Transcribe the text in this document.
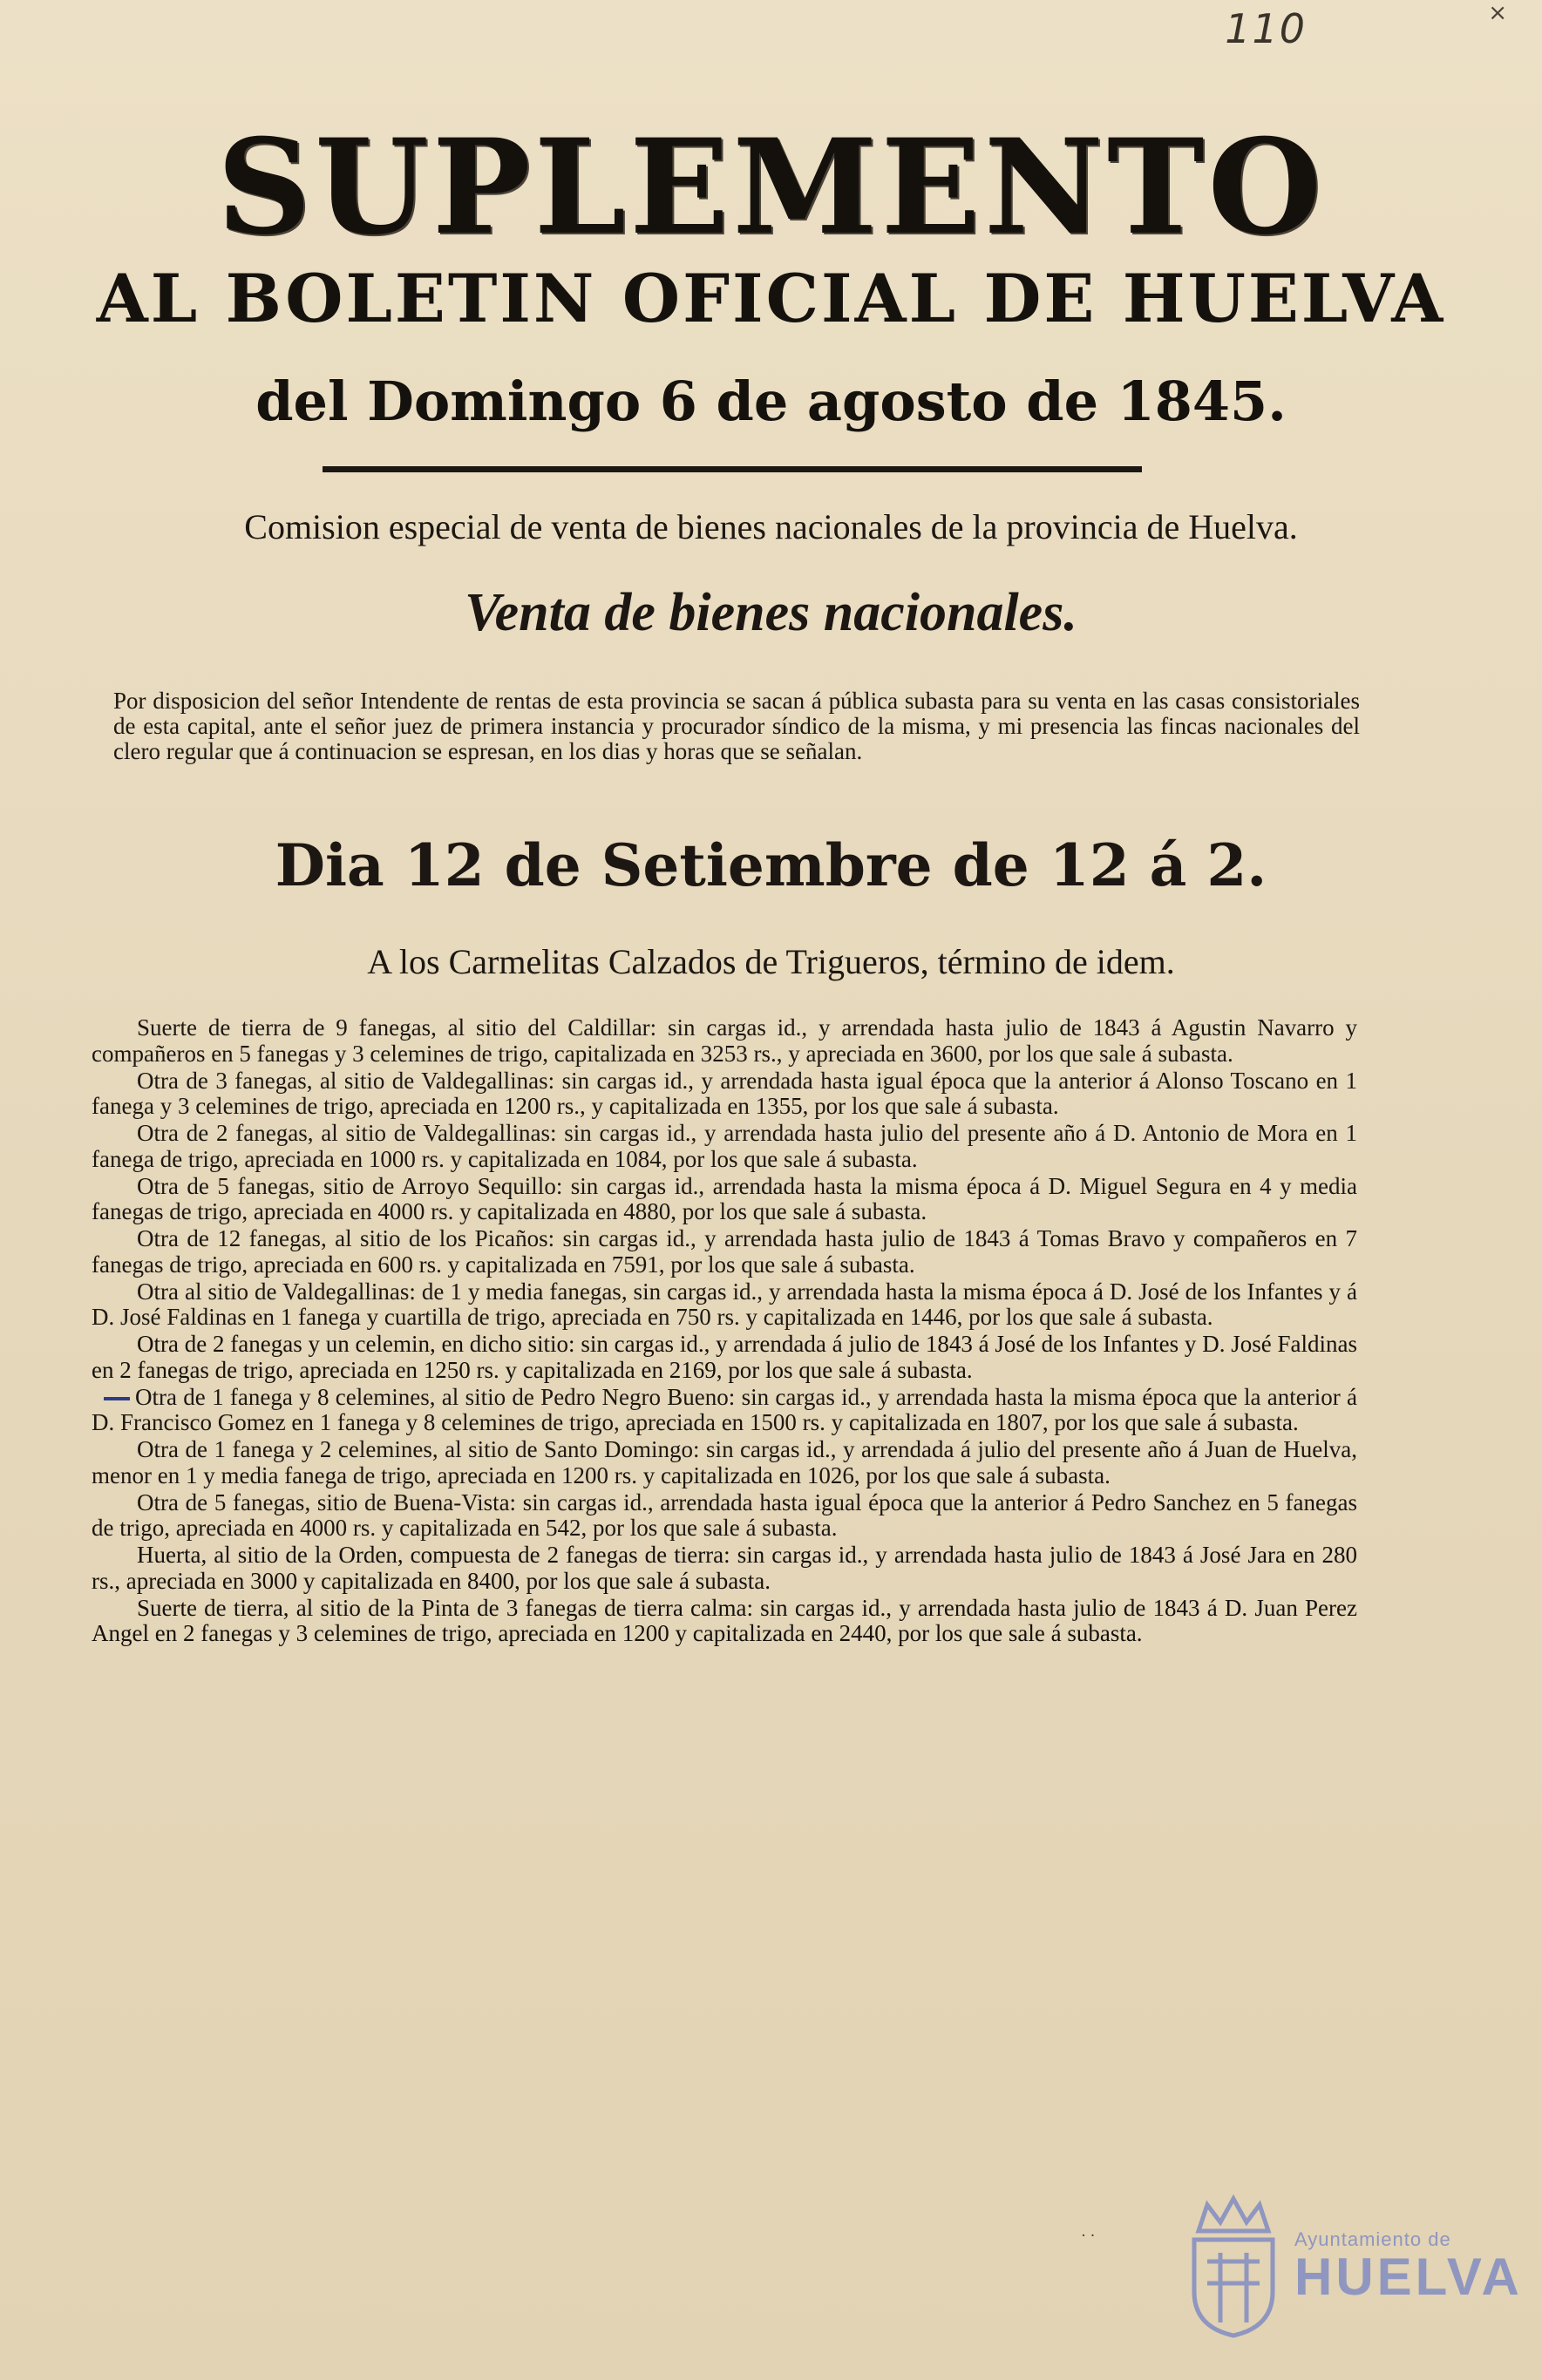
110	×
SUPLEMENTO
AL BOLETIN OFICIAL DE HUELVA
del Domingo 6 de agosto de 1845.
Comision especial de venta de bienes nacionales de la provincia de Huelva.
Venta de bienes nacionales.

Por disposicion del señor Intendente de rentas de esta provincia se sacan á pública subasta para su venta en las casas consistoriales de esta capital, ante el señor juez de primera instancia y procurador síndico de la misma, y mi presencia las fincas nacionales del clero regular que á continuacion se espresan, en los dias y horas que se señalan.

Dia 12 de Setiembre de 12 á 2.
A los Carmelitas Calzados de Trigueros, término de idem.

Suerte de tierra de 9 fanegas, al sitio del Caldillar: sin cargas id., y arrendada hasta julio de 1843 á Agustin Navarro y compañeros en 5 fanegas y 3 celemines de trigo, capitalizada en 3253 rs., y apreciada en 3600, por los que sale á subasta.

Otra de 3 fanegas, al sitio de Valdegallinas: sin cargas id., y arrendada hasta igual época que la anterior á Alonso Toscano en 1 fanega y 3 celemines de trigo, apreciada en 1200 rs., y capitalizada en 1355, por los que sale á subasta.

Otra de 2 fanegas, al sitio de Valdegallinas: sin cargas id., y arrendada hasta julio del presente año á D. Antonio de Mora en 1 fanega de trigo, apreciada en 1000 rs. y capitalizada en 1084, por los que sale á subasta.

Otra de 5 fanegas, sitio de Arroyo Sequillo: sin cargas id., arrendada hasta la misma época á D. Miguel Segura en 4 y media fanegas de trigo, apreciada en 4000 rs. y capitalizada en 4880, por los que sale á subasta.

Otra de 12 fanegas, al sitio de los Picaños: sin cargas id., y arrendada hasta julio de 1843 á Tomas Bravo y compañeros en 7 fanegas de trigo, apreciada en 600 rs. y capitalizada en 7591, por los que sale á subasta.

Otra al sitio de Valdegallinas: de 1 y media fanegas, sin cargas id., y arrendada hasta la misma época á D. José de los Infantes y á D. José Faldinas en 1 fanega y cuartilla de trigo, apreciada en 750 rs. y capitalizada en 1446, por los que sale á subasta.

Otra de 2 fanegas y un celemin, en dicho sitio: sin cargas id., y arrendada á julio de 1843 á José de los Infantes y D. José Faldinas en 2 fanegas de trigo, apreciada en 1250 rs. y capitalizada en 2169, por los que sale á subasta.

Otra de 1 fanega y 8 celemines, al sitio de Pedro Negro Bueno: sin cargas id., y arrendada hasta la misma época que la anterior á D. Francisco Gomez en 1 fanega y 8 celemines de trigo, apreciada en 1500 rs. y capitalizada en 1807, por los que sale á subasta.

Otra de 1 fanega y 2 celemines, al sitio de Santo Domingo: sin cargas id., y arrendada á julio del presente año á Juan de Huelva, menor en 1 y media fanega de trigo, apreciada en 1200 rs. y capitalizada en 1026, por los que sale á subasta.

Otra de 5 fanegas, sitio de Buena-Vista: sin cargas id., arrendada hasta igual época que la anterior á Pedro Sanchez en 5 fanegas de trigo, apreciada en 4000 rs. y capitalizada en 542, por los que sale á subasta.

Huerta, al sitio de la Orden, compuesta de 2 fanegas de tierra: sin cargas id., y arrendada hasta julio de 1843 á José Jara en 280 rs., apreciada en 3000 y capitalizada en 8400, por los que sale á subasta.

Suerte de tierra, al sitio de la Pinta de 3 fanegas de tierra calma: sin cargas id., y arrendada hasta julio de 1843 á D. Juan Perez Angel en 2 fanegas y 3 celemines de trigo, apreciada en 1200 y capitalizada en 2440, por los que sale á subasta.

· ·	Ayuntamiento de
HUELVA
